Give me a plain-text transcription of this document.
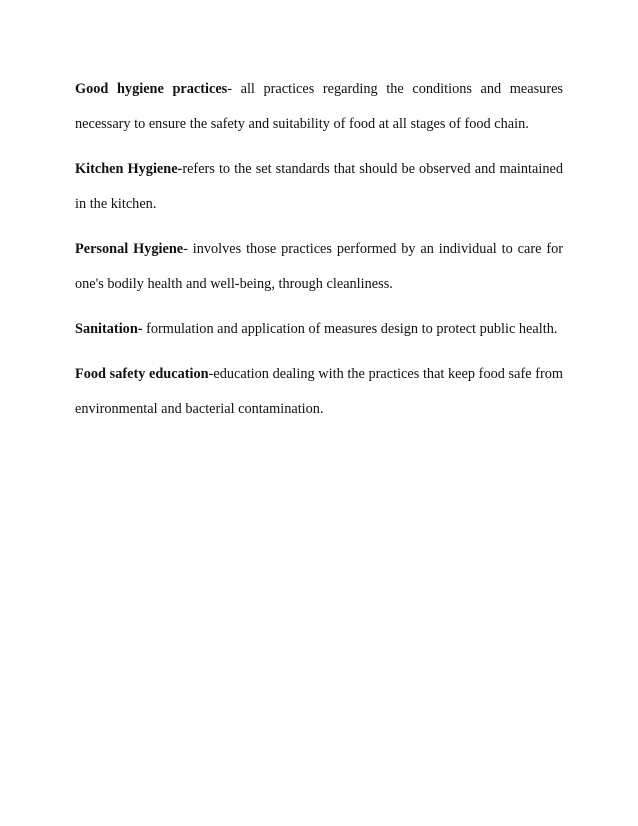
Good hygiene practices- all practices regarding the conditions and measures necessary to ensure the safety and suitability of food at all stages of food chain.

Kitchen Hygiene-refers to the set standards that should be observed and maintained in the kitchen.

Personal Hygiene- involves those practices performed by an individual to care for one's bodily health and well-being, through cleanliness.

Sanitation- formulation and application of measures design to protect public health.

Food safety education-education dealing with the practices that keep food safe from environmental and bacterial contamination.
